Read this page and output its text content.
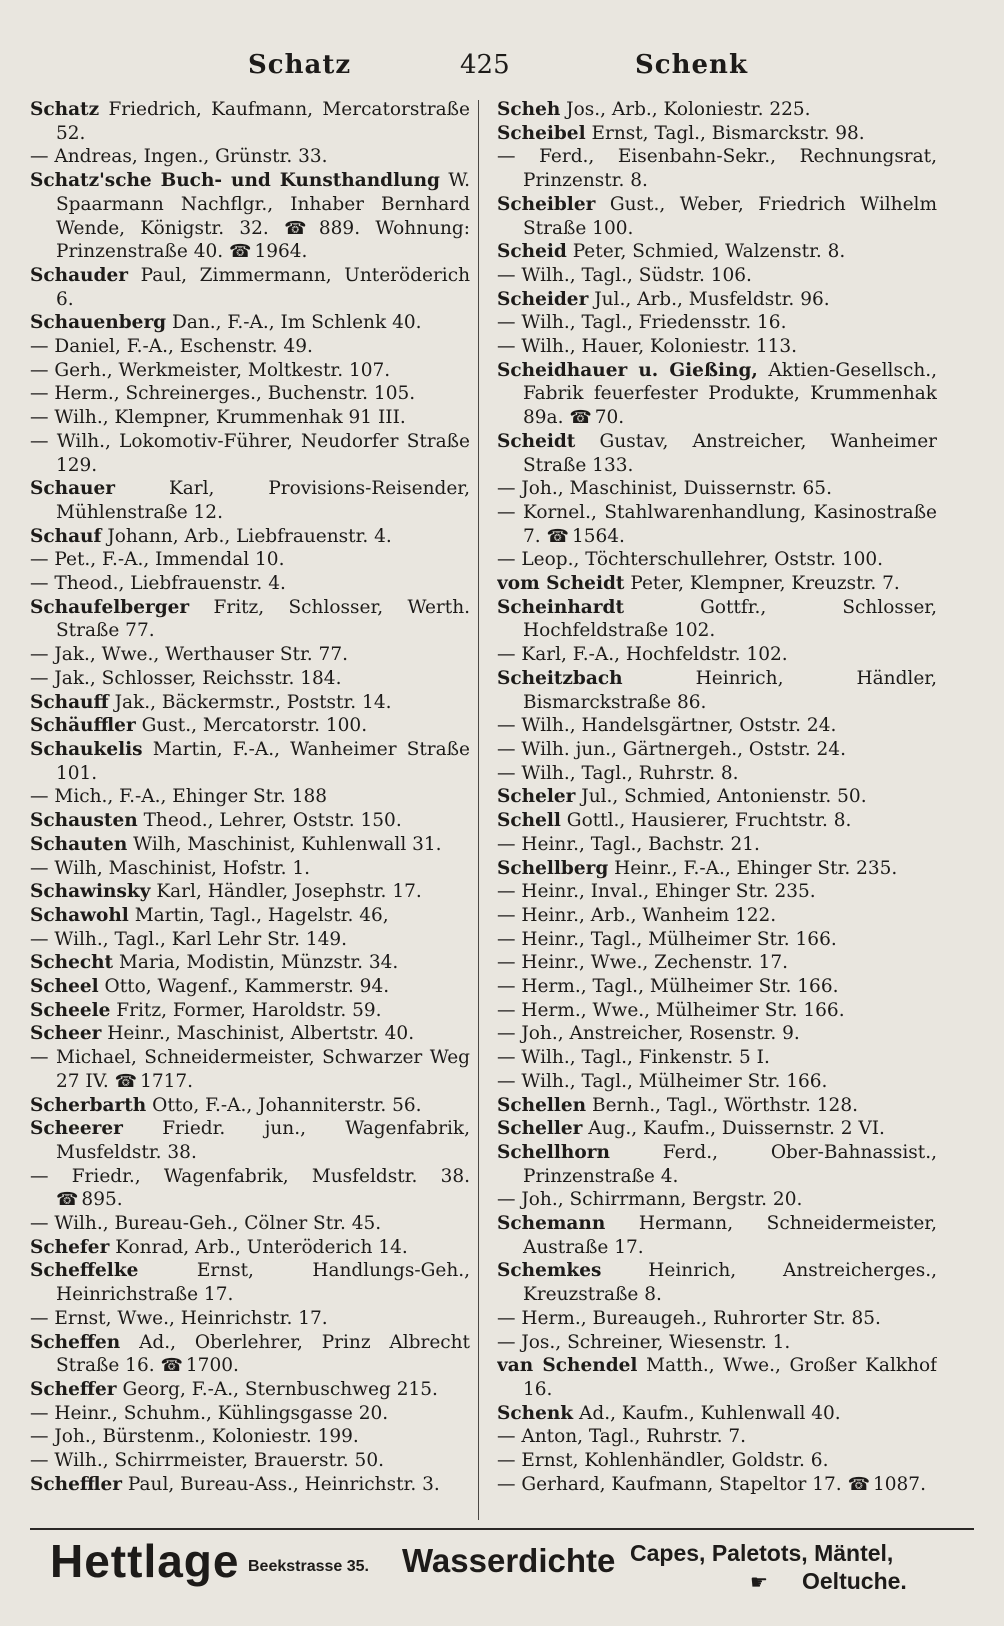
Schatz	425	Schenk
Schatz Friedrich, Kaufmann, Mercatorstraße 52.
— Andreas, Ingen., Grünstr. 33.
Schatz'sche Buch- und Kunsthandlung W. Spaarmann Nachflgr., Inhaber Bernhard Wende, Königstr. 32.	☎ 889. Wohnung: Prinzenstraße 40. ☎ 1964.
Schauder Paul, Zimmermann, Unteröderich 6.
Schauenberg Dan., F.-A., Im Schlenk 40.
— Daniel, F.-A., Eschenstr. 49.
— Gerh., Werkmeister, Moltkestr. 107.
— Herm., Schreinerges., Buchenstr. 105.
— Wilh., Klempner, Krummenhak 91 III.
— Wilh., Lokomotiv-Führer, Neudorfer Straße 129.
Schauer Karl, Provisions-Reisender, Mühlenstraße 12.
Schauf Johann, Arb., Liebfrauenstr. 4.
— Pet., F.-A., Immendal 10.
— Theod., Liebfrauenstr. 4.
Schaufelberger Fritz, Schlosser, Werth. Straße 77.
— Jak., Wwe., Werthauser Str. 77.
— Jak., Schlosser, Reichsstr. 184.
Schauff Jak., Bäckermstr., Poststr. 14.
Schäuffler Gust., Mercatorstr. 100.
Schaukelis Martin, F.-A., Wanheimer Straße 101.
— Mich., F.-A., Ehinger Str. 188
Schausten Theod., Lehrer, Oststr. 150.
Schauten Wilh, Maschinist, Kuhlenwall 31.
— Wilh, Maschinist, Hofstr. 1.
Schawinsky Karl, Händler, Josephstr. 17.
Schawohl Martin, Tagl., Hagelstr. 46,
— Wilh., Tagl., Karl Lehr Str. 149.
Schecht Maria, Modistin, Münzstr. 34.
Scheel Otto, Wagenf., Kammerstr. 94.
Scheele Fritz, Former, Haroldstr. 59.
Scheer Heinr., Maschinist, Albertstr. 40.
— Michael, Schneidermeister, Schwarzer Weg 27 IV. ☎ 1717.
Scherbarth Otto, F.-A., Johanniterstr. 56.
Scheerer Friedr. jun., Wagenfabrik, Musfeldstr. 38.
— Friedr., Wagenfabrik, Musfeldstr. 38. ☎ 895.
— Wilh., Bureau-Geh., Cölner Str. 45.
Schefer Konrad, Arb., Unteröderich 14.
Scheffelke Ernst, Handlungs-Geh., Heinrichstraße 17.
— Ernst, Wwe., Heinrichstr. 17.
Scheffen Ad., Oberlehrer, Prinz Albrecht Straße 16. ☎ 1700.
Scheffer Georg, F.-A., Sternbuschweg 215.
— Heinr., Schuhm., Kühlingsgasse 20.
— Joh., Bürstenm., Koloniestr. 199.
— Wilh., Schirrmeister, Brauerstr. 50.
Scheffler Paul, Bureau-Ass., Heinrichstr. 3.
Scheh Jos., Arb., Koloniestr. 225.
Scheibel Ernst, Tagl., Bismarckstr. 98.
— Ferd., Eisenbahn-Sekr., Rechnungsrat, Prinzenstr. 8.
Scheibler Gust., Weber, Friedrich Wilhelm Straße 100.
Scheid Peter, Schmied, Walzenstr. 8.
— Wilh., Tagl., Südstr. 106.
Scheider Jul., Arb., Musfeldstr. 96.
— Wilh., Tagl., Friedensstr. 16.
— Wilh., Hauer, Koloniestr. 113.
Scheidhauer u. Gießing, Aktien-Gesellsch., Fabrik feuerfester Produkte, Krummenhak 89a. ☎ 70.
Scheidt Gustav, Anstreicher, Wanheimer Straße 133.
— Joh., Maschinist, Duissernstr. 65.
— Kornel., Stahlwarenhandlung, Kasinostraße 7. ☎ 1564.
— Leop., Töchterschullehrer, Oststr. 100.
vom Scheidt Peter, Klempner, Kreuzstr. 7.
Scheinhardt Gottfr., Schlosser, Hochfeldstraße 102.
— Karl, F.-A., Hochfeldstr. 102.
Scheitzbach Heinrich, Händler, Bismarckstraße 86.
— Wilh., Handelsgärtner, Oststr. 24.
— Wilh. jun., Gärtnergeh., Oststr. 24.
— Wilh., Tagl., Ruhrstr. 8.
Scheler Jul., Schmied, Antonienstr. 50.
Schell Gottl., Hausierer, Fruchtstr. 8.
— Heinr., Tagl., Bachstr. 21.
Schellberg Heinr., F.-A., Ehinger Str. 235.
— Heinr., Inval., Ehinger Str. 235.
— Heinr., Arb., Wanheim 122.
— Heinr., Tagl., Mülheimer Str. 166.
— Heinr., Wwe., Zechenstr. 17.
— Herm., Tagl., Mülheimer Str. 166.
— Herm., Wwe., Mülheimer Str. 166.
— Joh., Anstreicher, Rosenstr. 9.
— Wilh., Tagl., Finkenstr. 5 I.
— Wilh., Tagl., Mülheimer Str. 166.
Schellen Bernh., Tagl., Wörthstr. 128.
Scheller Aug., Kaufm., Duissernstr. 2 VI.
Schellhorn Ferd., Ober-Bahnassist., Prinzenstraße 4.
— Joh., Schirrmann, Bergstr. 20.
Schemann Hermann, Schneidermeister, Austraße 17.
Schemkes Heinrich, Anstreicherges., Kreuzstraße 8.
— Herm., Bureaugeh., Ruhrorter Str. 85.
— Jos., Schreiner, Wiesenstr. 1.
van Schendel Matth., Wwe., Großer Kalkhof 16.
Schenk Ad., Kaufm., Kuhlenwall 40.
— Anton, Tagl., Ruhrstr. 7.
— Ernst, Kohlenhändler, Goldstr. 6.
— Gerhard, Kaufmann, Stapeltor 17. ☎ 1087.
Hettlage Beekstrasse 35. Wasserdichte Capes, Paletots, Mäntel,
☛ Oeltuche.
